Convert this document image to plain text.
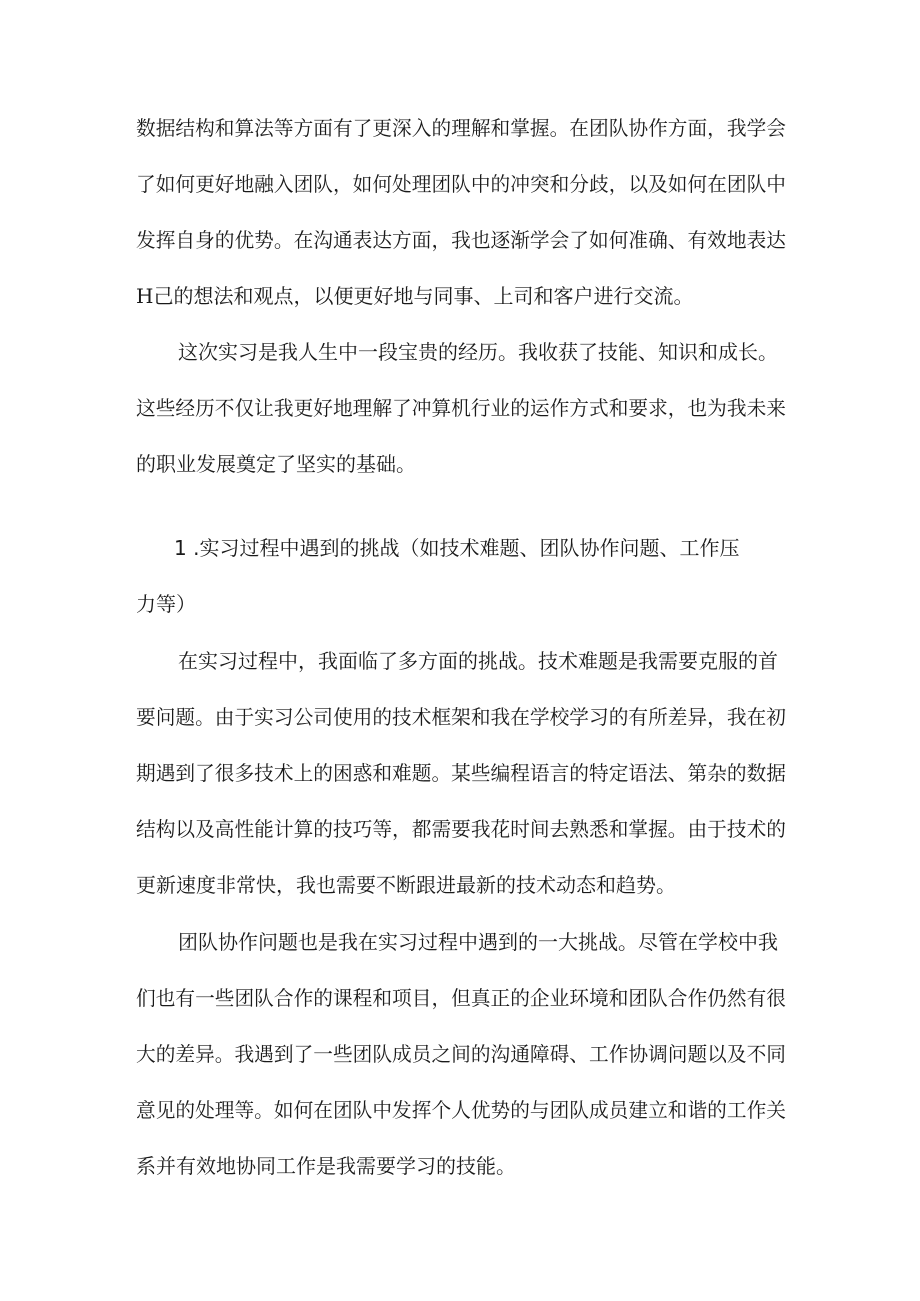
数据结构和算法等方面有了更深入的理解和掌握。在团队协作方面，我学会
了如何更好地融入团队，如何处理团队中的冲突和分歧，以及如何在团队中
发挥自身的优势。在沟通表达方面，我也逐渐学会了如何准确、有效地表达
H己的想法和观点，以便更好地与同事、上司和客户进行交流。
这次实习是我人生中一段宝贵的经历。我收获了技能、知识和成长。
这些经历不仅让我更好地理解了冲算机行业的运作方式和要求，也为我未来
的职业发展奠定了坚实的基础。
1 .实习过程中遇到的挑战（如技术难题、团队协作问题、工作压
力等）
在实习过程中，我面临了多方面的挑战。技术难题是我需要克服的首
要问题。由于实习公司使用的技术框架和我在学校学习的有所差异，我在初
期遇到了很多技术上的困惑和难题。某些编程语言的特定语法、第杂的数据
结构以及高性能计算的技巧等，都需要我花时间去熟悉和掌握。由于技术的
更新速度非常快，我也需要不断跟进最新的技术动态和趋势。
团队协作问题也是我在实习过程中遇到的一大挑战。尽管在学校中我
们也有一些团队合作的课程和项目，但真正的企业环境和团队合作仍然有很
大的差异。我遇到了一些团队成员之间的沟通障碍、工作协调问题以及不同
意见的处理等。如何在团队中发挥个人优势的与团队成员建立和谐的工作关
系并有效地协同工作是我需要学习的技能。
